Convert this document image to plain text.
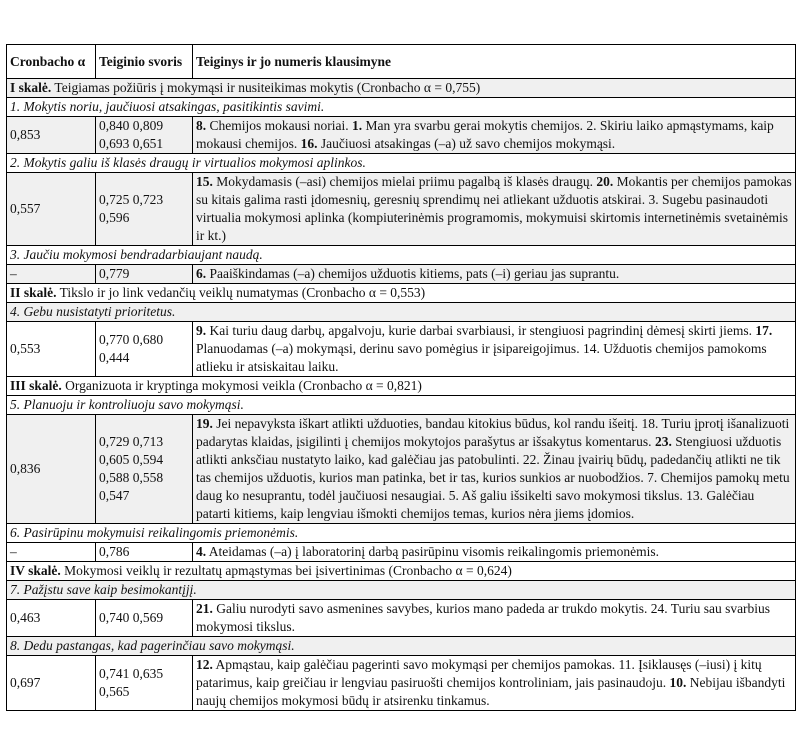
Cronbacho α	Teiginio svoris	Teiginys ir jo numeris klausimyne
I skalė. Teigiamas požiūris į mokymąsi ir nusiteikimas mokytis (Cronbacho α = 0,755)		
1. Mokytis noriu, jaučiuosi atsakingas, pasitikintis savimi.		
0,853	0,840 0,809 0,693 0,651	8. Chemijos mokausi noriai. 1. Man yra svarbu gerai mokytis chemijos. 2. Skiriu laiko apmąstymams, kaip mokausi chemijos. 16. Jaučiuosi atsakingas (–a) už savo chemijos mokymąsi.
2. Mokytis galiu iš klasės draugų ir virtualios mokymosi aplinkos.		
0,557	0,725 0,723 0,596	15. Mokydamasis (–asi) chemijos mielai priimu pagalbą iš klasės draugų. 20. Mokantis per chemijos pamokas su kitais galima rasti įdomesnių, geresnių sprendimų nei atliekant užduotis atskirai. 3. Sugebu pasinaudoti virtualia mokymosi aplinka (kompiuterinėmis programomis, mokymuisi skirtomis internetinėmis svetainėmis ir kt.)
3. Jaučiu mokymosi bendradarbiaujant naudą.		
–	0,779	6. Paaiškindamas (–a) chemijos užduotis kitiems, pats (–i) geriau jas suprantu.
II skalė. Tikslo ir jo link vedančių veiklų numatymas (Cronbacho α = 0,553)		
4. Gebu nusistatyti prioritetus.		
0,553	0,770 0,680 0,444	9. Kai turiu daug darbų, apgalvoju, kurie darbai svarbiausi, ir stengiuosi pagrindinį dėmesį skirti jiems. 17. Planuodamas (–a) mokymąsi, derinu savo pomėgius ir įsipareigojimus. 14. Užduotis chemijos pamokoms atlieku ir atsiskaitau laiku.
III skalė. Organizuota ir kryptinga mokymosi veikla (Cronbacho α = 0,821)		
5. Planuoju ir kontroliuoju savo mokymąsi.		
0,836	0,729 0,713 0,605 0,594 0,588 0,558 0,547	19. Jei nepavyksta iškart atlikti užduoties, bandau kitokius būdus, kol randu išeitį. 18. Turiu įprotį išanalizuoti padarytas klaidas, įsigilinti į chemijos mokytojos parašytus ar išsakytus komentarus. 23. Stengiuosi užduotis atlikti anksčiau nustatyto laiko, kad galėčiau jas patobulinti. 22. Žinau įvairių būdų, padedančių atlikti ne tik tas chemijos užduotis, kurios man patinka, bet ir tas, kurios sunkios ar nuobodžios. 7. Chemijos pamokų metu daug ko nesuprantu, todėl jaučiuosi nesaugiai. 5. Aš galiu išsikelti savo mokymosi tikslus. 13. Galėčiau patarti kitiems, kaip lengviau išmokti chemijos temas, kurios nėra jiems įdomios.
6. Pasirūpinu mokymuisi reikalingomis priemonėmis.		
–	0,786	4. Ateidamas (–a) į laboratorinį darbą pasirūpinu visomis reikalingomis priemonėmis.
IV skalė. Mokymosi veiklų ir rezultatų apmąstymas bei įsivertinimas (Cronbacho α = 0,624)		
7. Pažįstu save kaip besimokantįjį.		
0,463	0,740 0,569	21. Galiu nurodyti savo asmenines savybes, kurios mano padeda ar trukdo mokytis. 24. Turiu sau svarbius mokymosi tikslus.
8. Dedu pastangas, kad pagerinčiau savo mokymąsi.		
0,697	0,741 0,635 0,565	12. Apmąstau, kaip galėčiau pagerinti savo mokymąsi per chemijos pamokas. 11. Įsiklausęs (–iusi) į kitų patarimus, kaip greičiau ir lengviau pasiruošti chemijos kontroliniam, jais pasinaudoju. 10. Nebijau išbandyti naujų chemijos mokymosi būdų ir atsirenku tinkamus.
